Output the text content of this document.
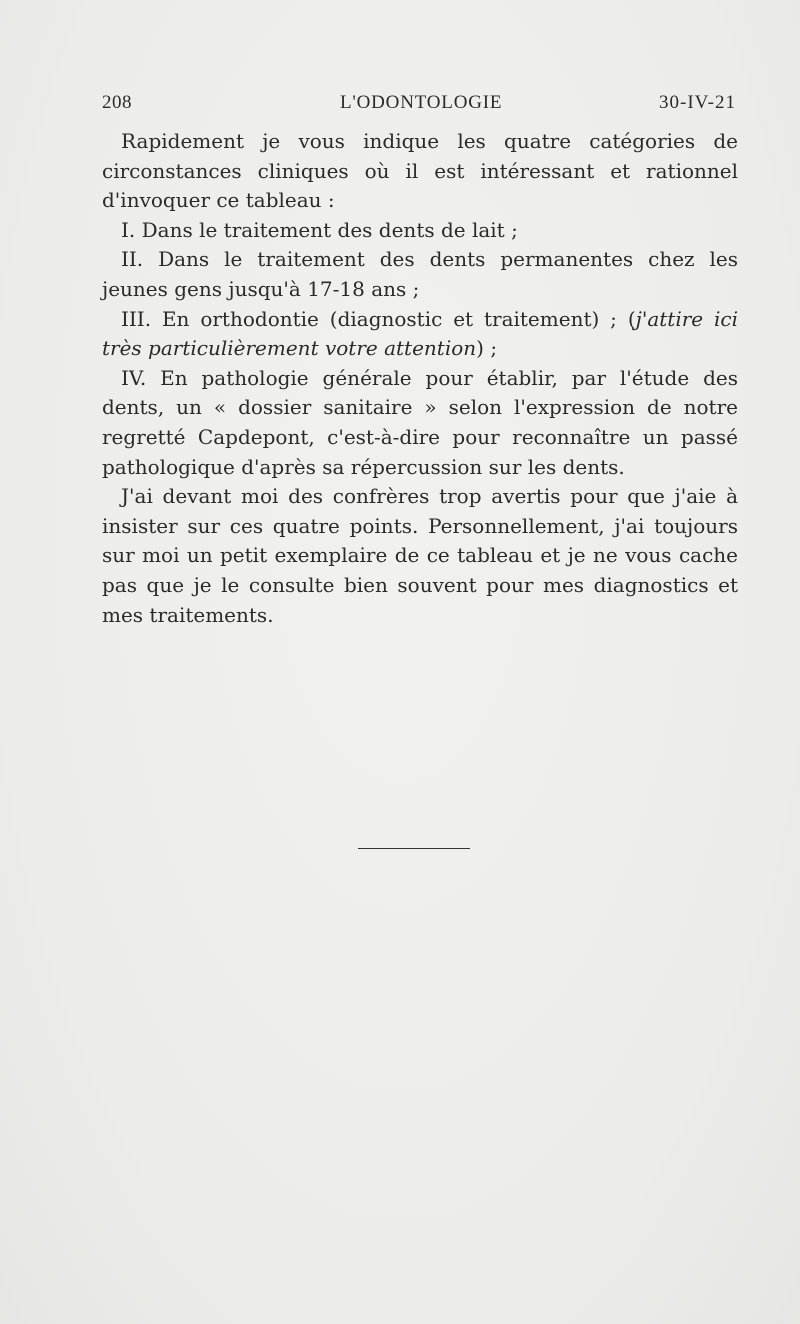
208	L'ODONTOLOGIE	30-IV-21

Rapidement je vous indique les quatre catégories de circonstances cliniques où il est intéressant et rationnel d'invoquer ce tableau :

I. Dans le traitement des dents de lait ;

II. Dans le traitement des dents permanentes chez les jeunes gens jusqu'à 17-18 ans ;

III. En orthodontie (diagnostic et traitement) ; (j'attire ici très particulièrement votre attention) ;

IV. En pathologie générale pour établir, par l'étude des dents, un « dossier sanitaire » selon l'expression de notre regretté Capdepont, c'est-à-dire pour reconnaître un passé pathologique d'après sa répercussion sur les dents.

J'ai devant moi des confrères trop avertis pour que j'aie à insister sur ces quatre points. Personnellement, j'ai toujours sur moi un petit exemplaire de ce tableau et je ne vous cache pas que je le consulte bien souvent pour mes diagnostics et mes traitements.
